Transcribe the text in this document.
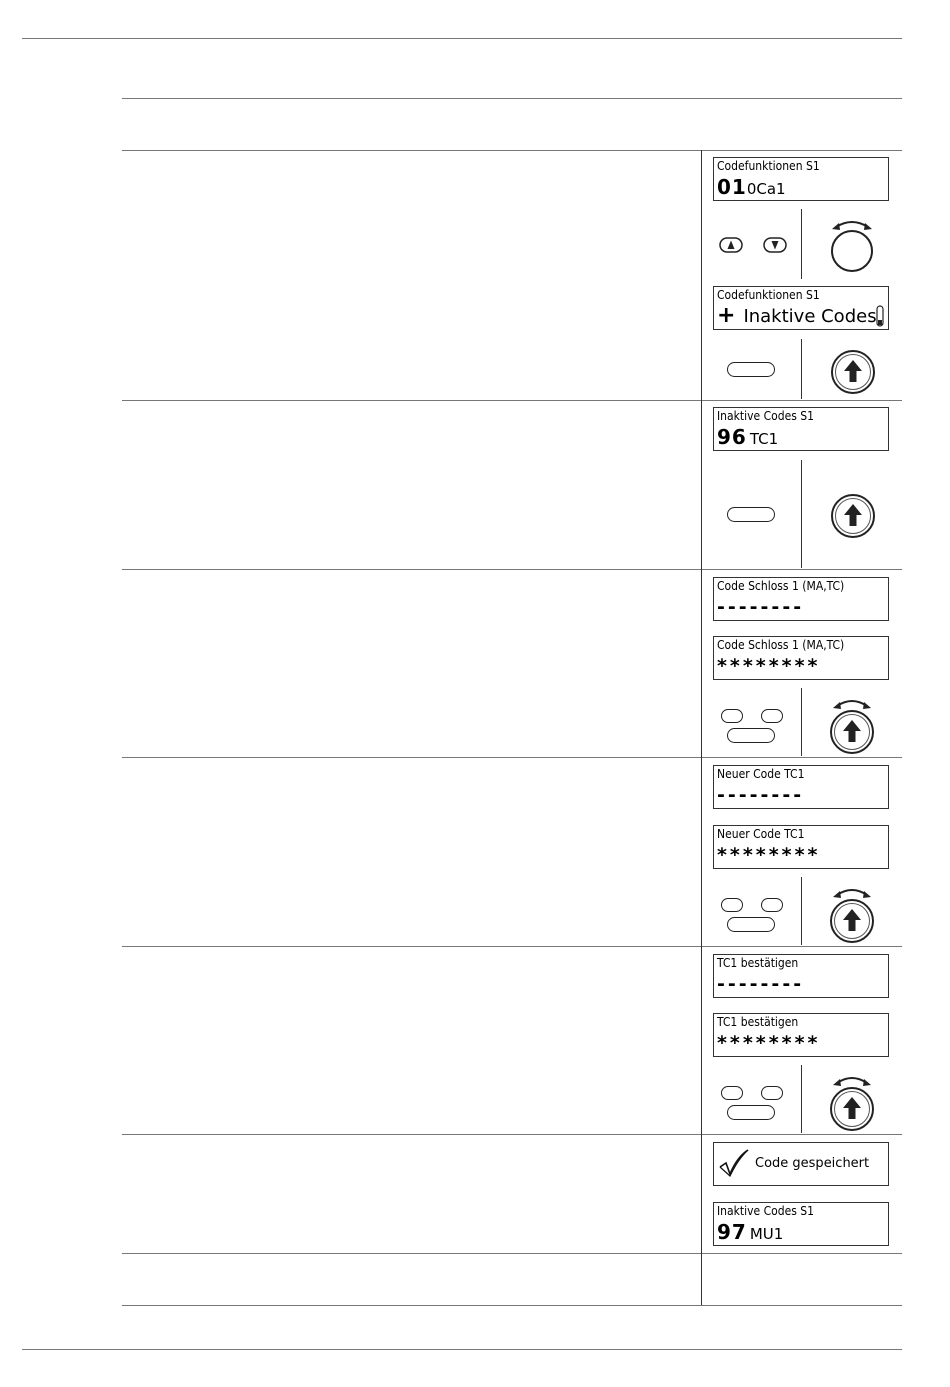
Codefunktionen S1
010Ca1
Codefunktionen S1
+ Inaktive Codes
Inaktive Codes S1
96 TC1
Code Schloss 1 (MA,TC)
--------
Code Schloss 1 (MA,TC)
********
Neuer Code TC1
--------
Neuer Code TC1
********
TC1 bestätigen
--------
TC1 bestätigen
********
Code gespeichert
Inaktive Codes S1
97 MU1
